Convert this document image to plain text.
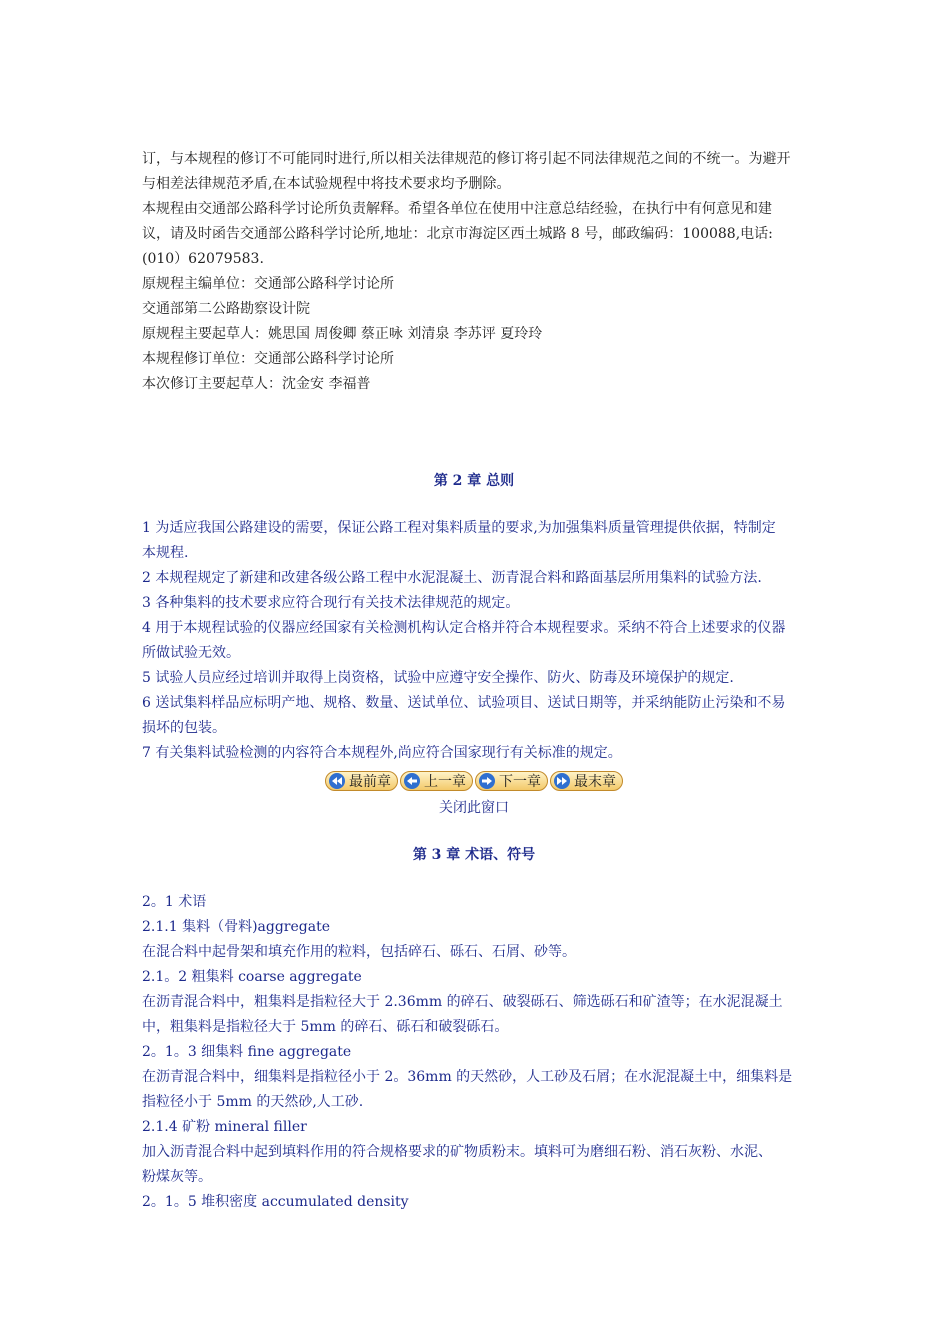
订，与本规程的修订不可能同时进行,所以相关法律规范的修订将引起不同法律规范之间的不统一。为避开
与相差法律规范矛盾,在本试验规程中将技术要求均予删除。
本规程由交通部公路科学讨论所负责解释。希望各单位在使用中注意总结经验，在执行中有何意见和建
议，请及时函告交通部公路科学讨论所,地址：北京市海淀区西土城路 8 号，邮政编码：100088,电话:
(010）62079583.
原规程主编单位：交通部公路科学讨论所
交通部第二公路勘察设计院
原规程主要起草人：姚思国 周俊卿 蔡正咏 刘清泉 李苏评 夏玲玲
本规程修订单位：交通部公路科学讨论所
本次修订主要起草人：沈金安 李福普
第 2 章 总则
1 为适应我国公路建设的需要，保证公路工程对集料质量的要求,为加强集料质量管理提供依据，特制定
本规程.
2 本规程规定了新建和改建各级公路工程中水泥混凝土、沥青混合料和路面基层所用集料的试验方法.
3 各种集料的技术要求应符合现行有关技术法律规范的规定。
4 用于本规程试验的仪器应经国家有关检测机构认定合格并符合本规程要求。采纳不符合上述要求的仪器
所做试验无效。
5 试验人员应经过培训并取得上岗资格，试验中应遵守安全操作、防火、防毒及环境保护的规定.
6 送试集料样品应标明产地、规格、数量、送试单位、试验项目、送试日期等，并采纳能防止污染和不易
损坏的包装。
7 有关集料试验检测的内容符合本规程外,尚应符合国家现行有关标准的规定。
最前章 上一章 下一章 最末章
关闭此窗口
第 3 章 术语、符号
2。1 术语
2.1.1 集料（骨料)aggregate
在混合料中起骨架和填充作用的粒料，包括碎石、砾石、石屑、砂等。
2.1。2 粗集料 coarse aggregate
在沥青混合料中，粗集料是指粒径大于 2.36mm 的碎石、破裂砾石、筛选砾石和矿渣等；在水泥混凝土
中，粗集料是指粒径大于 5mm 的碎石、砾石和破裂砾石。
2。1。3 细集料 fine aggregate
在沥青混合料中，细集料是指粒径小于 2。36mm 的天然砂，人工砂及石屑；在水泥混凝土中，细集料是
指粒径小于 5mm 的天然砂,人工砂.
2.1.4 矿粉 mineral filler
加入沥青混合料中起到填料作用的符合规格要求的矿物质粉末。填料可为磨细石粉、消石灰粉、水泥、
粉煤灰等。
2。1。5 堆积密度 accumulated density
